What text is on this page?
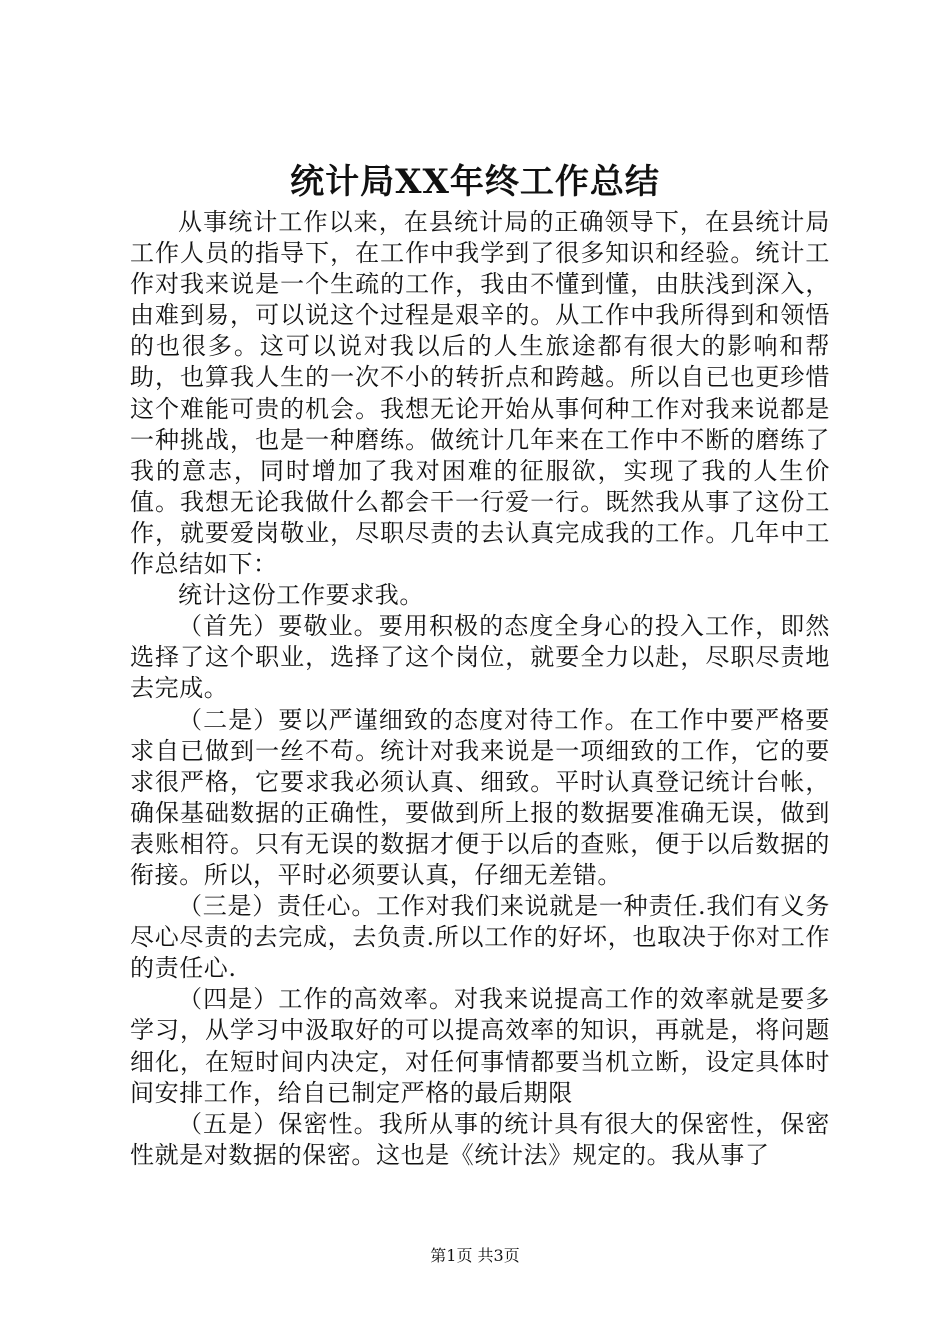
统计局XX年终工作总结

从事统计工作以来，在县统计局的正确领导下，在县统计局工作人员的指导下，在工作中我学到了很多知识和经验。统计工作对我来说是一个生疏的工作，我由不懂到懂，由肤浅到深入，由难到易，可以说这个过程是艰辛的。从工作中我所得到和领悟的也很多。这可以说对我以后的人生旅途都有很大的影响和帮助，也算我人生的一次不小的转折点和跨越。所以自已也更珍惜这个难能可贵的机会。我想无论开始从事何种工作对我来说都是一种挑战，也是一种磨练。做统计几年来在工作中不断的磨练了我的意志，同时增加了我对困难的征服欲，实现了我的人生价值。我想无论我做什么都会干一行爱一行。既然我从事了这份工作，就要爱岗敬业，尽职尽责的去认真完成我的工作。几年中工作总结如下：

统计这份工作要求我。

（首先）要敬业。要用积极的态度全身心的投入工作，即然选择了这个职业，选择了这个岗位，就要全力以赴，尽职尽责地去完成。

（二是）要以严谨细致的态度对待工作。在工作中要严格要求自已做到一丝不苟。统计对我来说是一项细致的工作，它的要求很严格，它要求我必须认真、细致。平时认真登记统计台帐，确保基础数据的正确性，要做到所上报的数据要准确无误，做到表账相符。只有无误的数据才便于以后的查账，便于以后数据的衔接。所以，平时必须要认真，仔细无差错。

（三是）责任心。工作对我们来说就是一种责任.我们有义务尽心尽责的去完成，去负责.所以工作的好坏，也取决于你对工作的责任心.

（四是）工作的高效率。对我来说提高工作的效率就是要多学习，从学习中汲取好的可以提高效率的知识，再就是，将问题细化，在短时间内决定，对任何事情都要当机立断，设定具体时间安排工作，给自已制定严格的最后期限

（五是）保密性。我所从事的统计具有很大的保密性，保密性就是对数据的保密。这也是《统计法》规定的。我从事了

第1页 共3页
